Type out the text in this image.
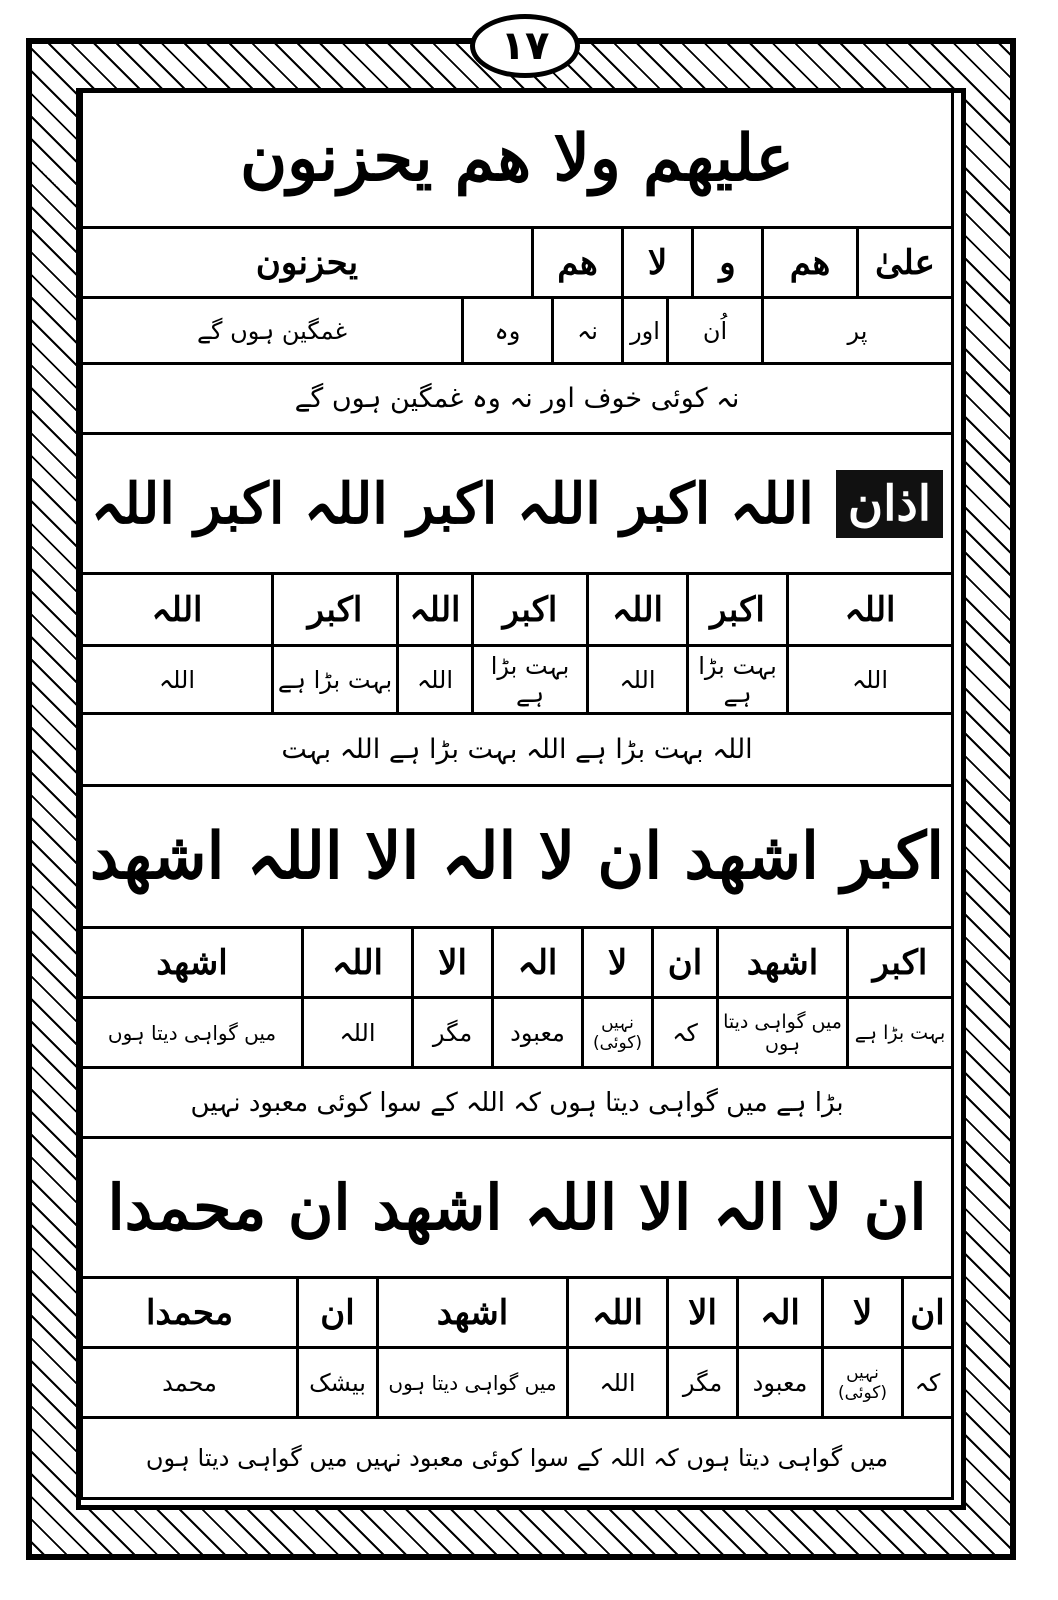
١٧
علیھم ولا ھم یحزنون
علیٰ
ھم
و
لا
ھم
یحزنون
پر
اُن
اور
نہ
وہ
غمگین ہوں گے
نہ کوئی خوف اور نہ وہ غمگین ہوں گے
اذان
اللہ اکبر اللہ اکبر اللہ اکبر اللہ
اللہ
اکبر
اللہ
اکبر
اللہ
اکبر
اللہ
اللہ
بہت بڑا ہے
اللہ
بہت بڑا ہے
اللہ
بہت بڑا ہے
اللہ
اللہ بہت بڑا ہے اللہ بہت بڑا ہے اللہ بہت
اکبر اشھد ان لا الہ الا اللہ اشھد
اکبر
اشھد
ان
لا
الہ
الا
اللہ
اشھد
بہت بڑا ہے
میں گواہی دیتا ہوں
کہ
نہیں (کوئی)
معبود
مگر
اللہ
میں گواہی دیتا ہوں
بڑا ہے میں گواہی دیتا ہوں کہ اللہ کے سوا کوئی معبود نہیں
ان لا الہ الا اللہ اشھد ان محمدا
ان
لا
الہ
الا
اللہ
اشھد
ان
محمدا
کہ
نہیں (کوئی)
معبود
مگر
اللہ
میں گواہی دیتا ہوں
بیشک
محمد
میں گواہی دیتا ہوں کہ اللہ کے سوا کوئی معبود نہیں میں گواہی دیتا ہوں
